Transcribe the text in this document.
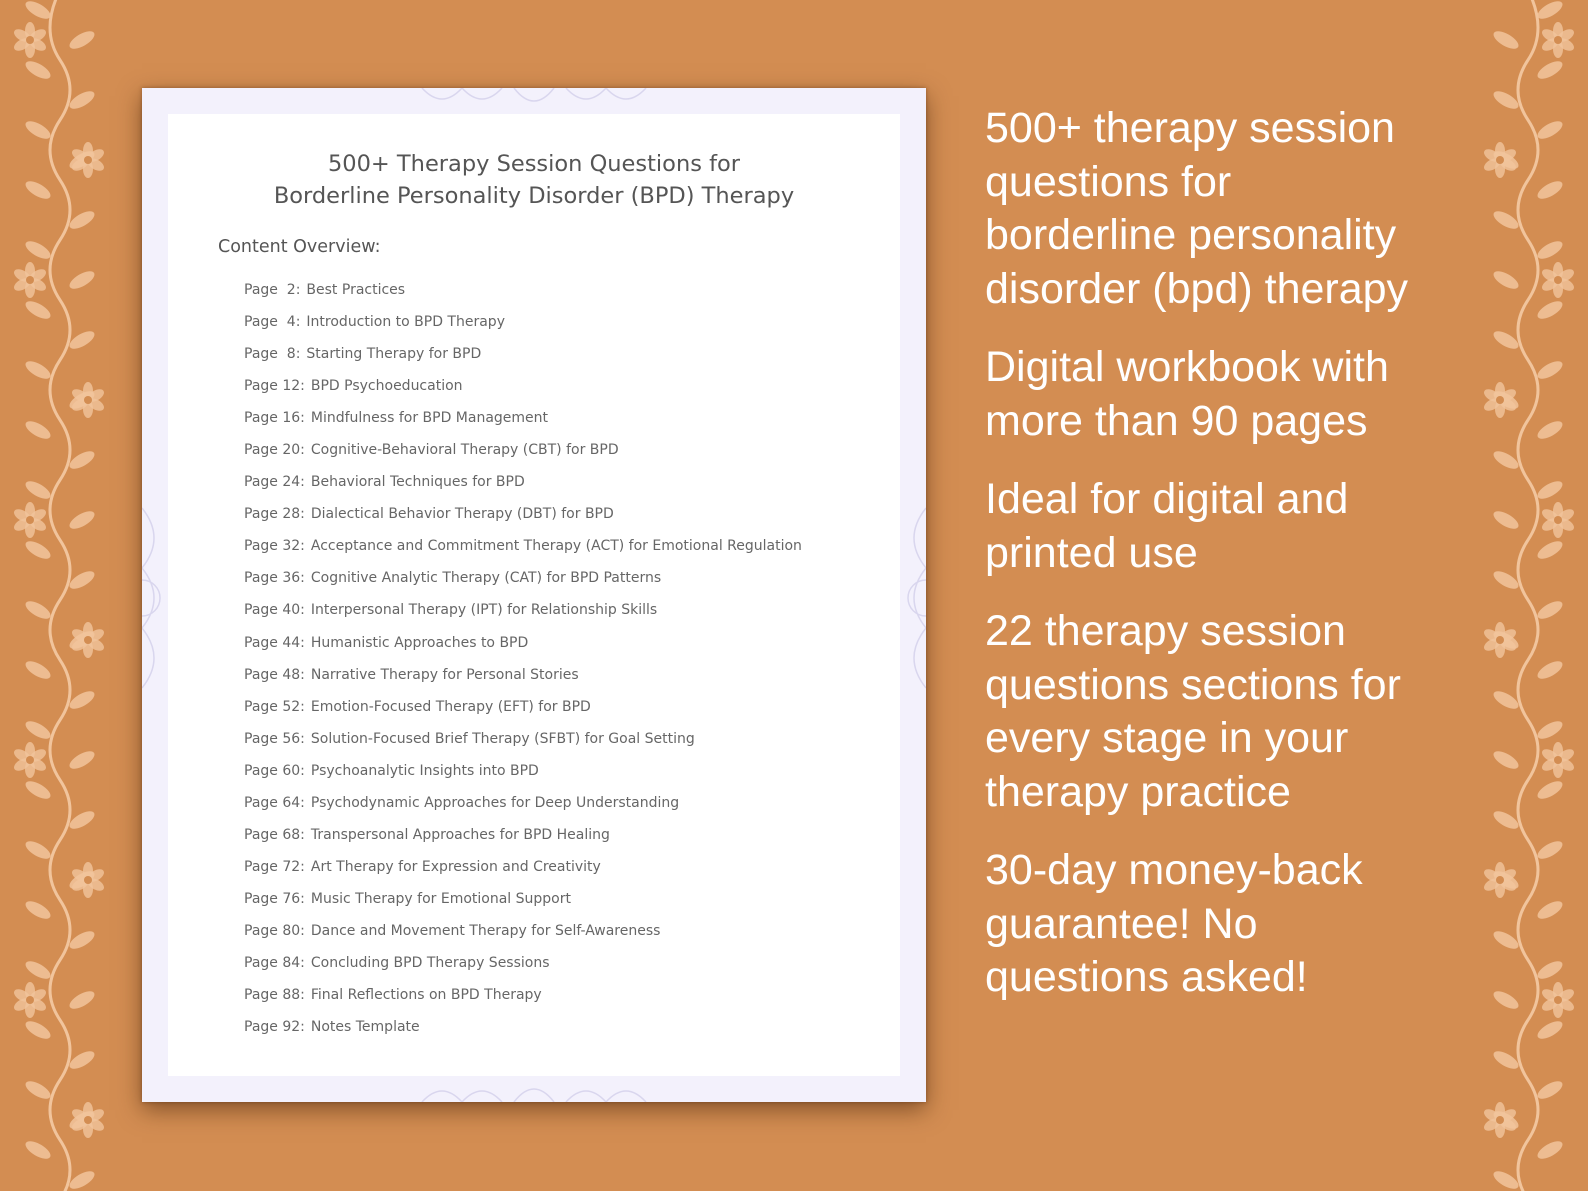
500+ Therapy Session Questions for
Borderline Personality Disorder (BPD) Therapy
Content Overview:
Page  2: Best Practices
Page  4: Introduction to BPD Therapy
Page  8: Starting Therapy for BPD
Page 12: BPD Psychoeducation
Page 16: Mindfulness for BPD Management
Page 20: Cognitive-Behavioral Therapy (CBT) for BPD
Page 24: Behavioral Techniques for BPD
Page 28: Dialectical Behavior Therapy (DBT) for BPD
Page 32: Acceptance and Commitment Therapy (ACT) for Emotional Regulation
Page 36: Cognitive Analytic Therapy (CAT) for BPD Patterns
Page 40: Interpersonal Therapy (IPT) for Relationship Skills
Page 44: Humanistic Approaches to BPD
Page 48: Narrative Therapy for Personal Stories
Page 52: Emotion-Focused Therapy (EFT) for BPD
Page 56: Solution-Focused Brief Therapy (SFBT) for Goal Setting
Page 60: Psychoanalytic Insights into BPD
Page 64: Psychodynamic Approaches for Deep Understanding
Page 68: Transpersonal Approaches for BPD Healing
Page 72: Art Therapy for Expression and Creativity
Page 76: Music Therapy for Emotional Support
Page 80: Dance and Movement Therapy for Self-Awareness
Page 84: Concluding BPD Therapy Sessions
Page 88: Final Reflections on BPD Therapy
Page 92: Notes Template
500+ therapy session
questions for
borderline personality
disorder (bpd) therapy
Digital workbook with
more than 90 pages
Ideal for digital and
printed use
22 therapy session
questions sections for
every stage in your
therapy practice
30-day money-back
guarantee! No
questions asked!
